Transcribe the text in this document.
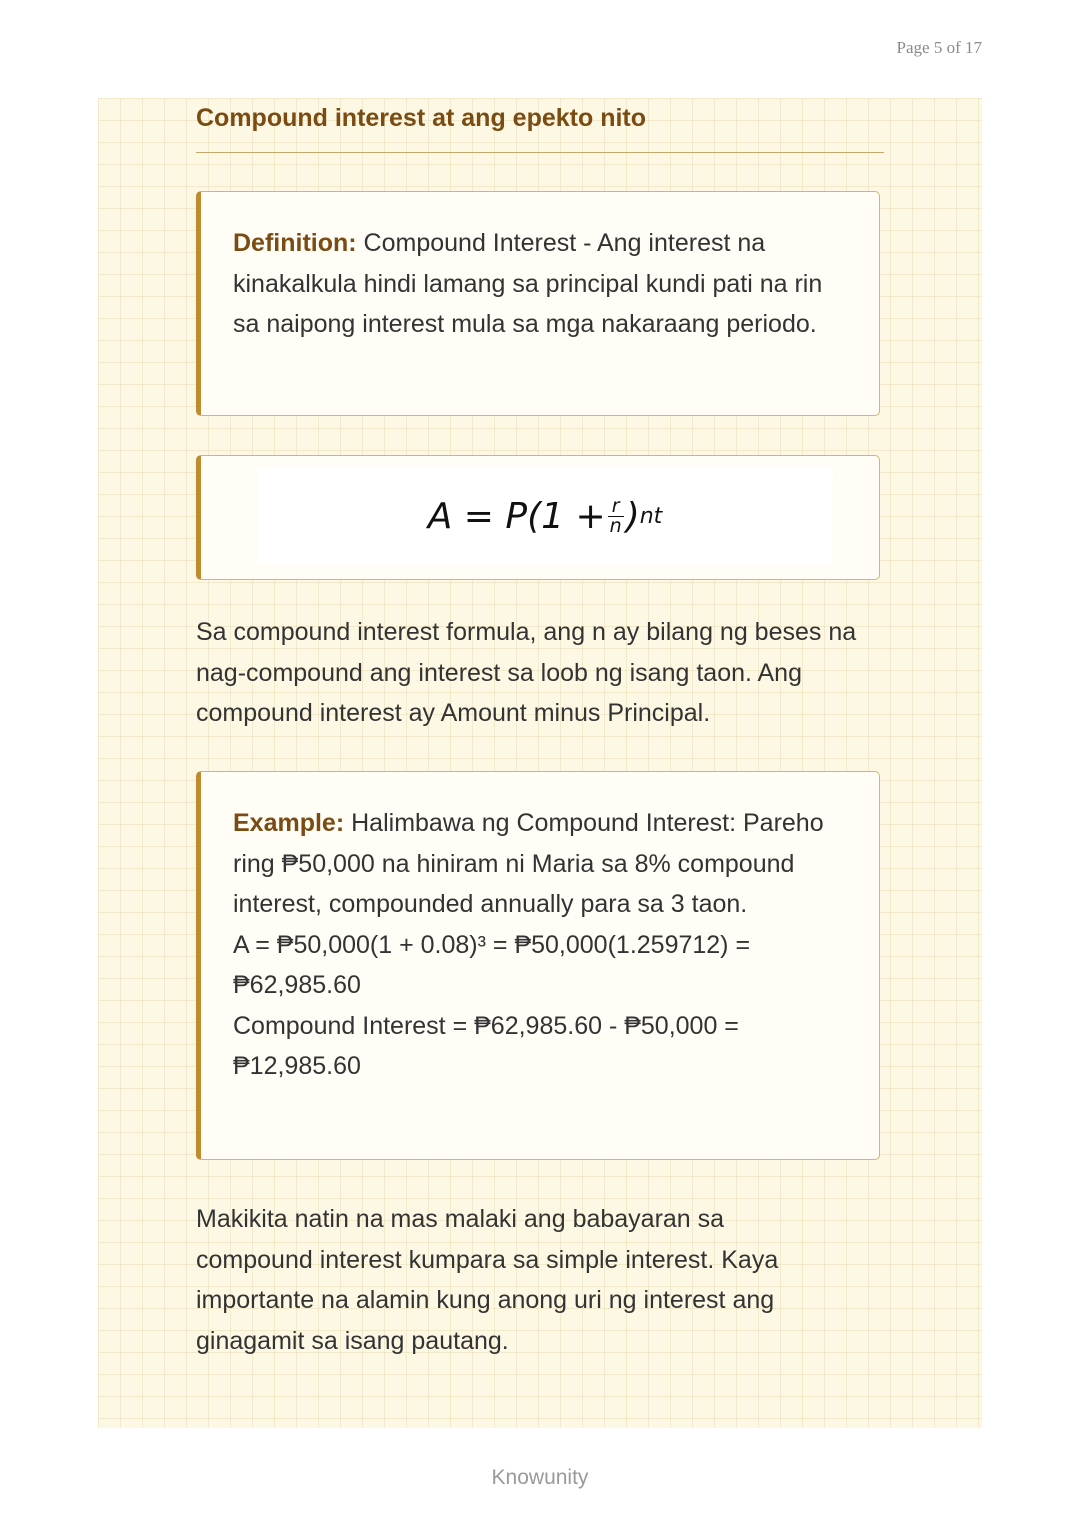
Page 5 of 17
Compound interest at ang epekto nito
Definition: Compound Interest - Ang interest na kinakalkula hindi lamang sa principal kundi pati na rin sa naipong interest mula sa mga nakaraang periodo.
$A = P(1 + \frac{r}{n}$ ) nt
Sa compound interest formula, ang n ay bilang ng beses na nag-compound ang interest sa loob ng isang taon. Ang compound interest ay Amount minus Principal.
Example: Halimbawa ng Compound Interest: Pareho ring ₱50,000 na hiniram ni Maria sa 8% compound interest, compounded annually para sa 3 taon.
A = ₱50,000(1 + 0.08)³ = ₱50,000(1.259712) = ₱62,985.60
Compound Interest = ₱62,985.60 - ₱50,000 = ₱12,985.60
Makikita natin na mas malaki ang babayaran sa compound interest kumpara sa simple interest. Kaya importante na alamin kung anong uri ng interest ang ginagamit sa isang pautang.
Knowunity
